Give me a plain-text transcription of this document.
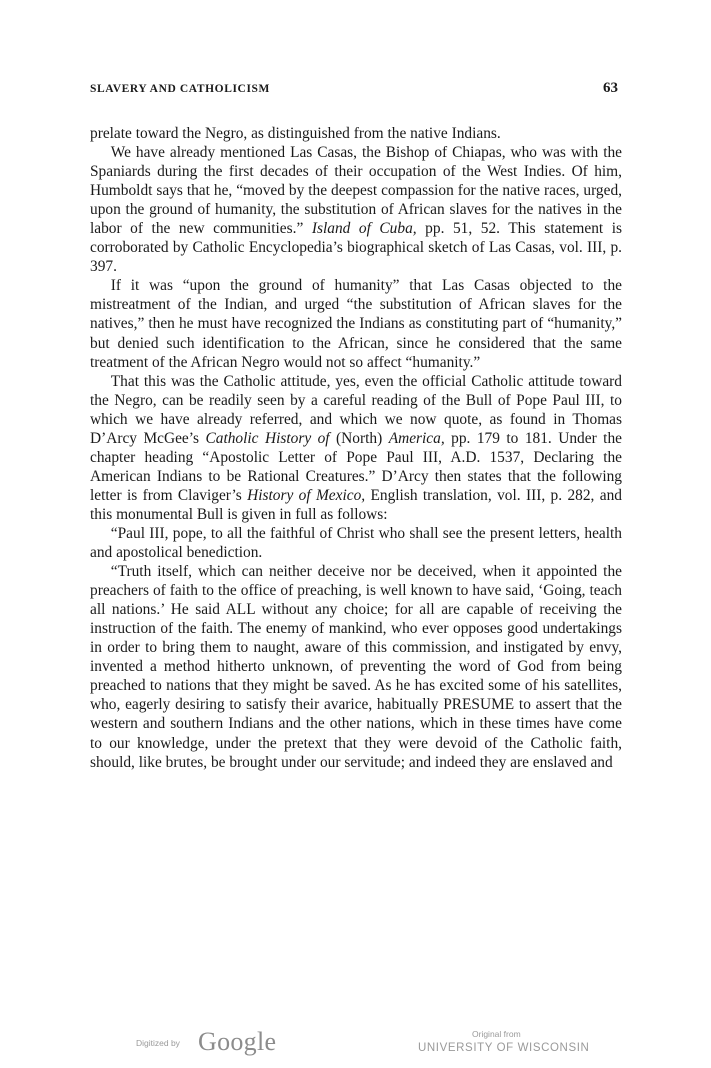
SLAVERY AND CATHOLICISM	63

prelate toward the Negro, as distinguished from the native Indians.

We have already mentioned Las Casas, the Bishop of Chiapas, who was with the Spaniards during the first decades of their occupation of the West Indies. Of him, Humboldt says that he, “moved by the deepest compassion for the native races, urged, upon the ground of humanity, the substitution of African slaves for the natives in the labor of the new communities.” Island of Cuba, pp. 51, 52. This statement is corroborated by Catholic Encyclopedia’s biographical sketch of Las Casas, vol. III, p. 397.

If it was “upon the ground of humanity” that Las Casas objected to the mistreatment of the Indian, and urged “the substitution of African slaves for the natives,” then he must have recognized the Indians as constituting part of “humanity,” but denied such identification to the African, since he considered that the same treatment of the African Negro would not so affect “humanity.”

That this was the Catholic attitude, yes, even the official Catholic attitude toward the Negro, can be readily seen by a careful reading of the Bull of Pope Paul III, to which we have already referred, and which we now quote, as found in Thomas D’Arcy McGee’s Catholic History of (North) America, pp. 179 to 181. Under the chapter heading “Apostolic Letter of Pope Paul III, A.D. 1537, Declaring the American Indians to be Rational Creatures.” D’Arcy then states that the following letter is from Claviger’s History of Mexico, English translation, vol. III, p. 282, and this monumental Bull is given in full as follows:

“Paul III, pope, to all the faithful of Christ who shall see the present letters, health and apostolical benediction.

“Truth itself, which can neither deceive nor be deceived, when it appointed the preachers of faith to the office of preaching, is well known to have said, ‘Going, teach all nations.’ He said ALL without any choice; for all are capable of receiving the instruction of the faith. The enemy of mankind, who ever opposes good undertakings in order to bring them to naught, aware of this commission, and instigated by envy, invented a method hitherto unknown, of preventing the word of God from being preached to nations that they might be saved. As he has excited some of his satellites, who, eagerly desiring to satisfy their avarice, habitually PRESUME to assert that the western and southern Indians and the other nations, which in these times have come to our knowledge, under the pretext that they were devoid of the Catholic faith, should, like brutes, be brought under our servitude; and indeed they are enslaved and

Digitized by Google	Original from
UNIVERSITY OF WISCONSIN
